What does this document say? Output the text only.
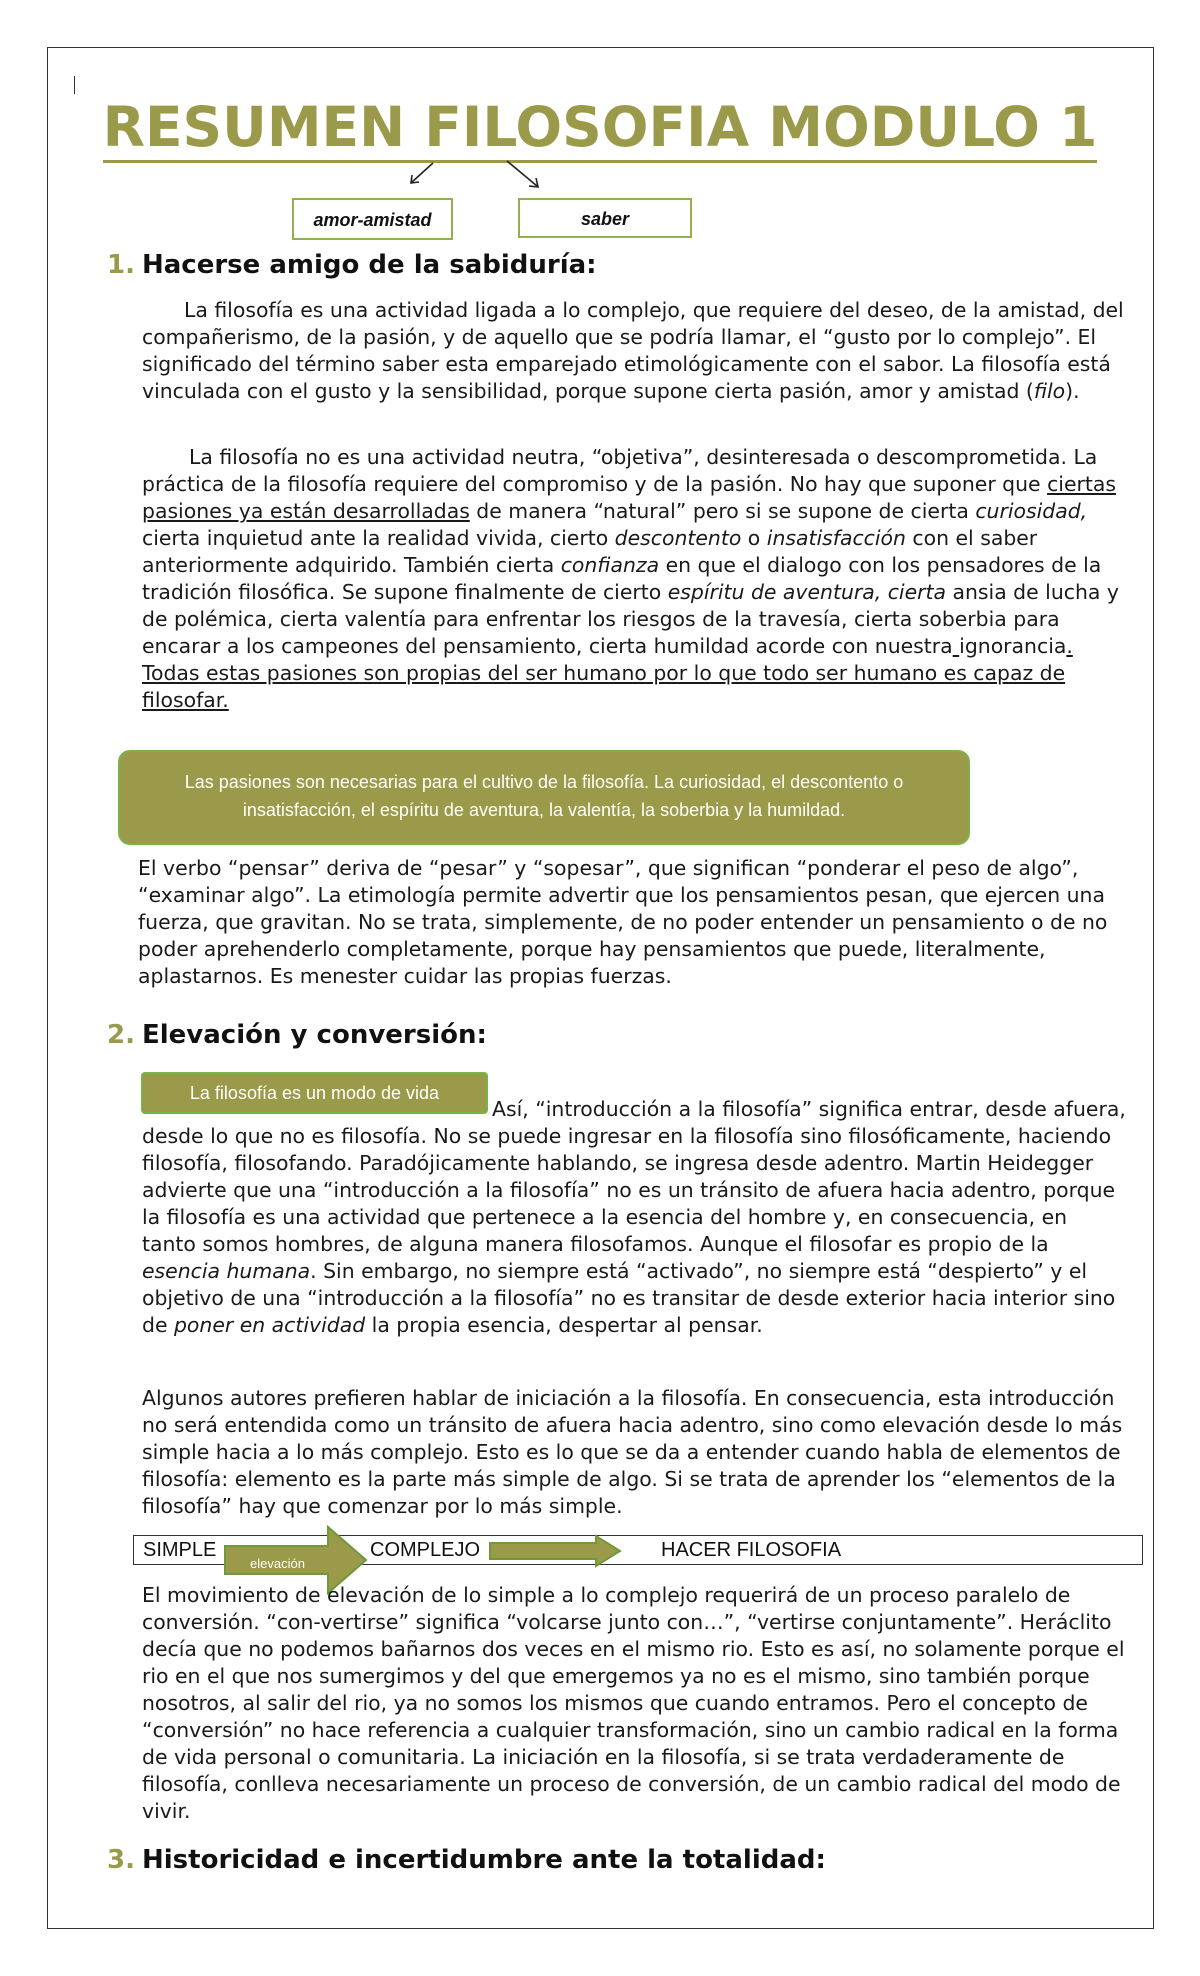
RESUMEN FILOSOFIA MODULO 1
amor-amistad	saber
1. Hacerse amigo de la sabiduría:

La filosofía es una actividad ligada a lo complejo, que requiere del deseo, de la amistad, del compañerismo, de la pasión, y de aquello que se podría llamar, el “gusto por lo complejo”. El significado del término saber esta emparejado etimológicamente con el sabor. La filosofía está vinculada con el gusto y la sensibilidad, porque supone cierta pasión, amor y amistad (filo).

La filosofía no es una actividad neutra, “objetiva”, desinteresada o descomprometida. La práctica de la filosofía requiere del compromiso y de la pasión. No hay que suponer que ciertas pasiones ya están desarrolladas de manera “natural” pero si se supone de cierta curiosidad, cierta inquietud ante la realidad vivida, cierto descontento o insatisfacción con el saber anteriormente adquirido. También cierta confianza en que el dialogo con los pensadores de la tradición filosófica. Se supone finalmente de cierto espíritu de aventura, cierta ansia de lucha y de polémica, cierta valentía para enfrentar los riesgos de la travesía, cierta soberbia para encarar a los campeones del pensamiento, cierta humildad acorde con nuestra ignorancia.
Todas estas pasiones son propias del ser humano por lo que todo ser humano es capaz de filosofar.

Las pasiones son necesarias para el cultivo de la filosofía. La curiosidad, el descontento o insatisfacción, el espíritu de aventura, la valentía, la soberbia y la humildad.

El verbo “pensar” deriva de “pesar” y “sopesar”, que significan “ponderar el peso de algo”, “examinar algo”. La etimología permite advertir que los pensamientos pesan, que ejercen una fuerza, que gravitan. No se trata, simplemente, de no poder entender un pensamiento o de no poder aprehenderlo completamente, porque hay pensamientos que puede, literalmente, aplastarnos. Es menester cuidar las propias fuerzas.

2. Elevación y conversión:
La filosofía es un modo de vida

Así, “introducción a la filosofía” significa entrar, desde afuera, desde lo que no es filosofía. No se puede ingresar en la filosofía sino filosóficamente, haciendo filosofía, filosofando. Paradójicamente hablando, se ingresa desde adentro. Martin Heidegger advierte que una “introducción a la filosofía” no es un tránsito de afuera hacia adentro, porque la filosofía es una actividad que pertenece a la esencia del hombre y, en consecuencia, en tanto somos hombres, de alguna manera filosofamos. Aunque el filosofar es propio de la esencia humana. Sin embargo, no siempre está “activado”, no siempre está “despierto” y el objetivo de una “introducción a la filosofía” no es transitar de desde exterior hacia interior sino de poner en actividad la propia esencia, despertar al pensar.

Algunos autores prefieren hablar de iniciación a la filosofía. En consecuencia, esta introducción no será entendida como un tránsito de afuera hacia adentro, sino como elevación desde lo más simple hacia a lo más complejo. Esto es lo que se da a entender cuando habla de elementos de filosofía: elemento es la parte más simple de algo. Si se trata de aprender los “elementos de la filosofía” hay que comenzar por lo más simple.

SIMPLE
elevación
COMPLEJO	HACER FILOSOFIA

El movimiento de elevación de lo simple a lo complejo requerirá de un proceso paralelo de conversión. “con-vertirse” significa “volcarse junto con…”, “vertirse conjuntamente”. Heráclito decía que no podemos bañarnos dos veces en el mismo rio. Esto es así, no solamente porque el rio en el que nos sumergimos y del que emergemos ya no es el mismo, sino también porque nosotros, al salir del rio, ya no somos los mismos que cuando entramos. Pero el concepto de “conversión” no hace referencia a cualquier transformación, sino un cambio radical en la forma de vida personal o comunitaria. La iniciación en la filosofía, si se trata verdaderamente de filosofía, conlleva necesariamente un proceso de conversión, de un cambio radical del modo de vivir.

3. Historicidad e incertidumbre ante la totalidad:
